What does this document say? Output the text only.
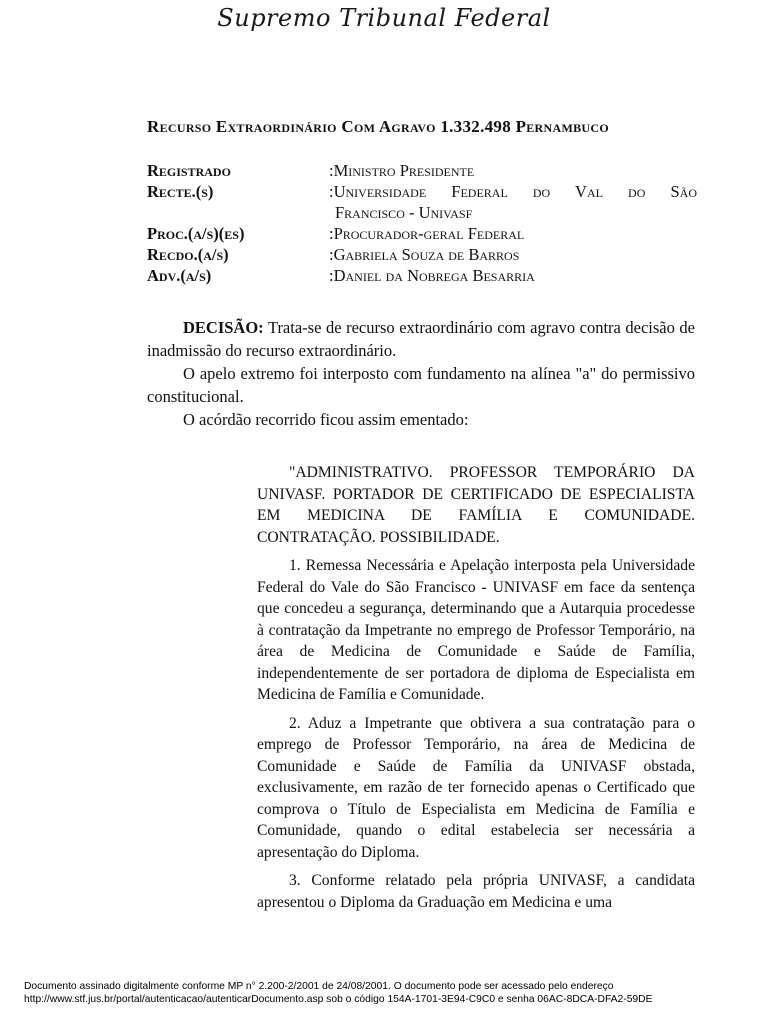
Supremo Tribunal Federal
Recurso Extraordinário Com Agravo 1.332.498 Pernambuco
Registrado	:Ministro Presidente
Recte.(s)	:Universidade Federal do Val do São
Francisco - Univasf
Proc.(a/s)(es)	:Procurador-geral Federal
Recdo.(a/s)	:Gabriela Souza de Barros
Adv.(a/s)	:Daniel da Nobrega Besarria

DECISÃO: Trata-se de recurso extraordinário com agravo contra decisão de inadmissão do recurso extraordinário.

O apelo extremo foi interposto com fundamento na alínea "a" do permissivo constitucional.

O acórdão recorrido ficou assim ementado:

"ADMINISTRATIVO. PROFESSOR TEMPORÁRIO DA UNIVASF. PORTADOR DE CERTIFICADO DE ESPECIALISTA EM MEDICINA DE FAMÍLIA E COMUNIDADE. CONTRATAÇÃO. POSSIBILIDADE.

1. Remessa Necessária e Apelação interposta pela Universidade Federal do Vale do São Francisco - UNIVASF em face da sentença que concedeu a segurança, determinando que a Autarquia procedesse à contratação da Impetrante no emprego de Professor Temporário, na área de Medicina de Comunidade e Saúde de Família, independentemente de ser portadora de diploma de Especialista em Medicina de Família e Comunidade.

2. Aduz a Impetrante que obtivera a sua contratação para o emprego de Professor Temporário, na área de Medicina de Comunidade e Saúde de Família da UNIVASF obstada, exclusivamente, em razão de ter fornecido apenas o Certificado que comprova o Título de Especialista em Medicina de Família e Comunidade, quando o edital estabelecia ser necessária a apresentação do Diploma.

3. Conforme relatado pela própria UNIVASF, a candidata apresentou o Diploma da Graduação em Medicina e uma

Documento assinado digitalmente conforme MP n° 2.200-2/2001 de 24/08/2001. O documento pode ser acessado pelo endereço
http://www.stf.jus.br/portal/autenticacao/autenticarDocumento.asp sob o código 154A-1701-3E94-C9C0 e senha 06AC-8DCA-DFA2-59DE
